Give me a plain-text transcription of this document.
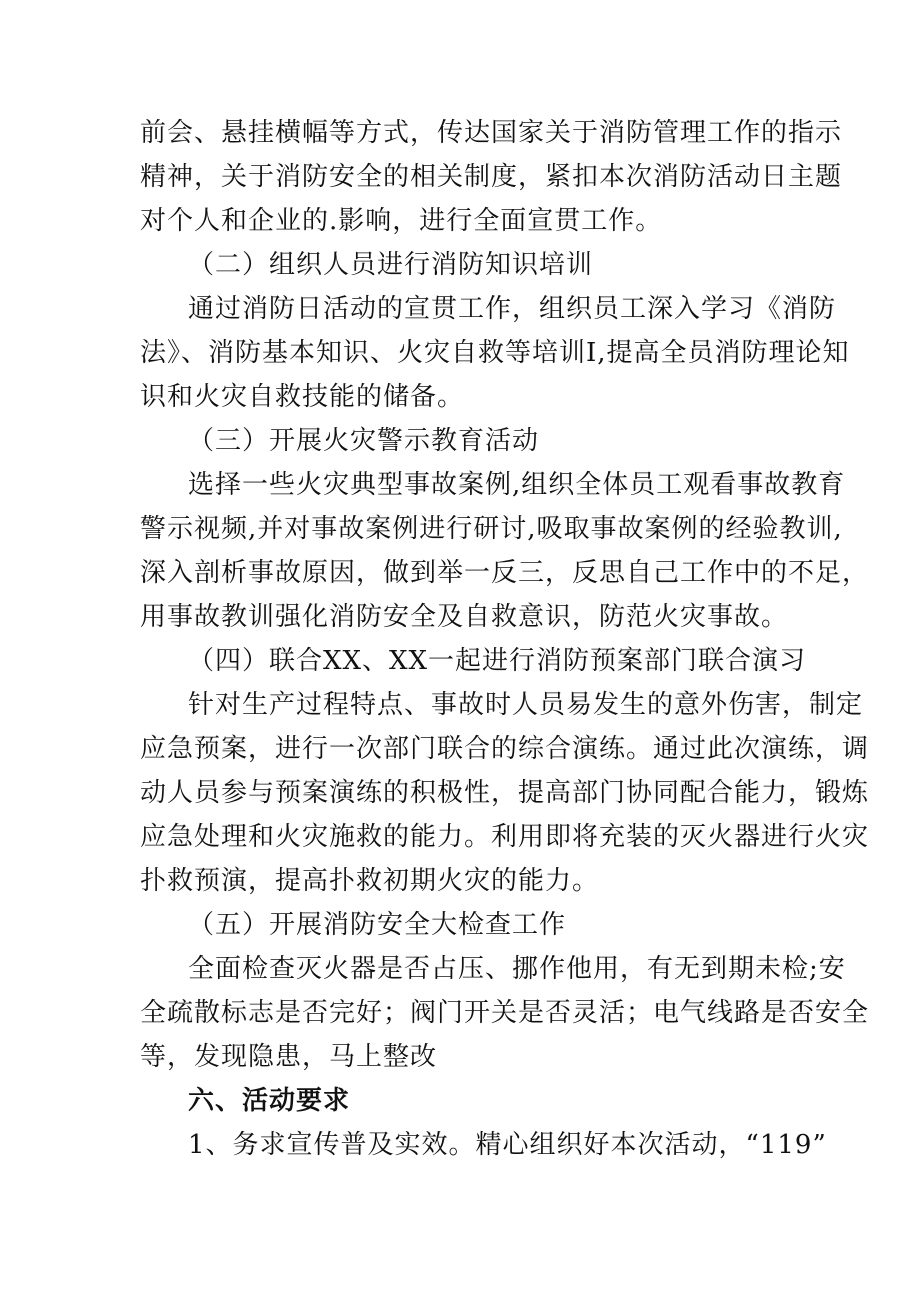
前会、悬挂横幅等方式，传达国家关于消防管理工作的指示
精神，关于消防安全的相关制度，紧扣本次消防活动日主题
对个人和企业的.影响，进行全面宣贯工作。
（二）组织人员进行消防知识培训
通过消防日活动的宣贯工作，组织员工深入学习《消防
法》、消防基本知识、火灾自救等培训I,提高全员消防理论知
识和火灾自救技能的储备。
（三）开展火灾警示教育活动
选择一些火灾典型事故案例,组织全体员工观看事故教育
警示视频,并对事故案例进行研讨,吸取事故案例的经验教训,
深入剖析事故原因，做到举一反三，反思自己工作中的不足，
用事故教训强化消防安全及自救意识，防范火灾事故。
（四）联合XX、XX一起进行消防预案部门联合演习
针对生产过程特点、事故时人员易发生的意外伤害，制定
应急预案，进行一次部门联合的综合演练。通过此次演练，调
动人员参与预案演练的积极性，提高部门协同配合能力，锻炼
应急处理和火灾施救的能力。利用即将充装的灭火器进行火灾
扑救预演，提高扑救初期火灾的能力。
（五）开展消防安全大检查工作
全面检查灭火器是否占压、挪作他用，有无到期未检;安
全疏散标志是否完好；阀门开关是否灵活；电气线路是否安全
等，发现隐患，马上整改
六、活动要求
1、务求宣传普及实效。精心组织好本次活动，“119”
